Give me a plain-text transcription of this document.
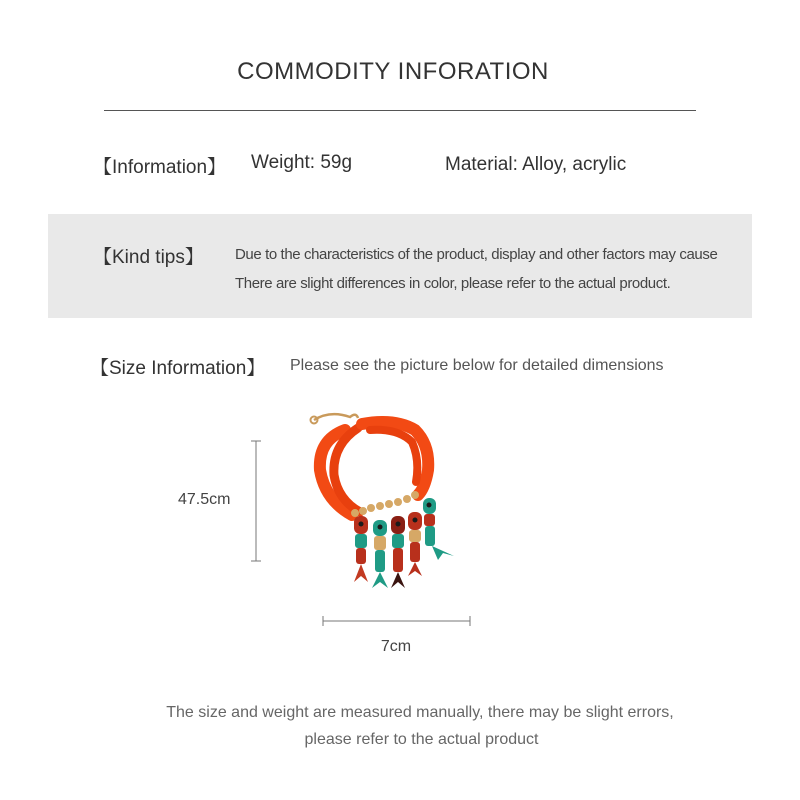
COMMODITY INFORATION
【Information】 Weight: 59g	Material: Alloy, acrylic
【Kind tips】 Due to the characteristics of the product, display and other factors may cause
There are slight differences in color, please refer to the actual product.
【Size Information】 Please see the picture below for detailed dimensions
47.5cm
7cm
The size and weight are measured manually, there may be slight errors,
please refer to the actual product
